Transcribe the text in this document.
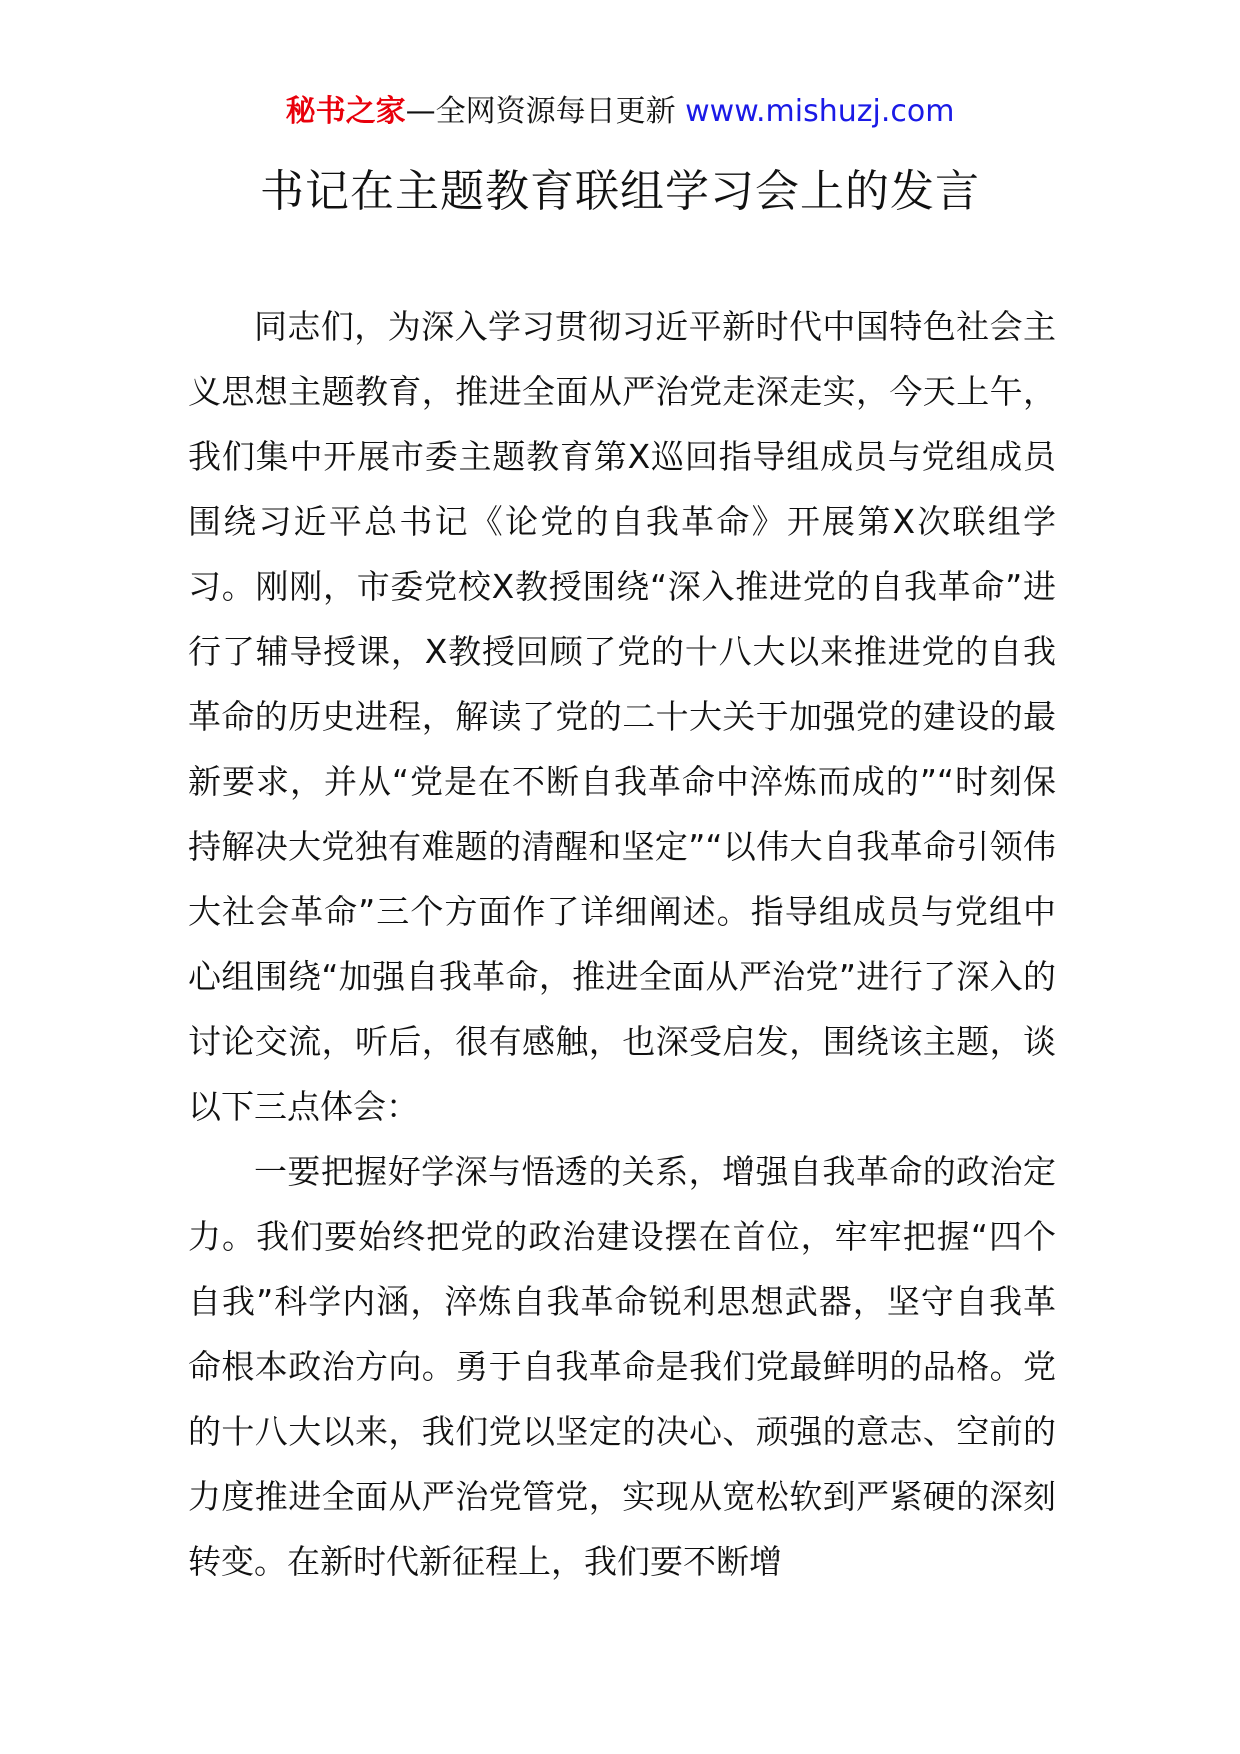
秘书之家—全网资源每日更新 www.mishuzj.com
书记在主题教育联组学习会上的发言

同志们，为深入学习贯彻习近平新时代中国特色社会主义思想主题教育，推进全面从严治党走深走实，今天上午，我们集中开展市委主题教育第X巡回指导组成员与党组成员围绕习近平总书记《论党的自我革命》开展第X次联组学习。刚刚，市委党校X教授围绕“深入推进党的自我革命”进行了辅导授课，X教授回顾了党的十八大以来推进党的自我革命的历史进程，解读了党的二十大关于加强党的建设的最新要求，并从“党是在不断自我革命中淬炼而成的”“时刻保持解决大党独有难题的清醒和坚定”“以伟大自我革命引领伟大社会革命”三个方面作了详细阐述。指导组成员与党组中心组围绕“加强自我革命，推进全面从严治党”进行了深入的讨论交流，听后，很有感触，也深受启发，围绕该主题，谈以下三点体会：

一要把握好学深与悟透的关系，增强自我革命的政治定力。我们要始终把党的政治建设摆在首位，牢牢把握“四个自我”科学内涵，淬炼自我革命锐利思想武器，坚守自我革命根本政治方向。勇于自我革命是我们党最鲜明的品格。党的十八大以来，我们党以坚定的决心、顽强的意志、空前的力度推进全面从严治党管党，实现从宽松软到严紧硬的深刻转变。在新时代新征程上，我们要不断增
